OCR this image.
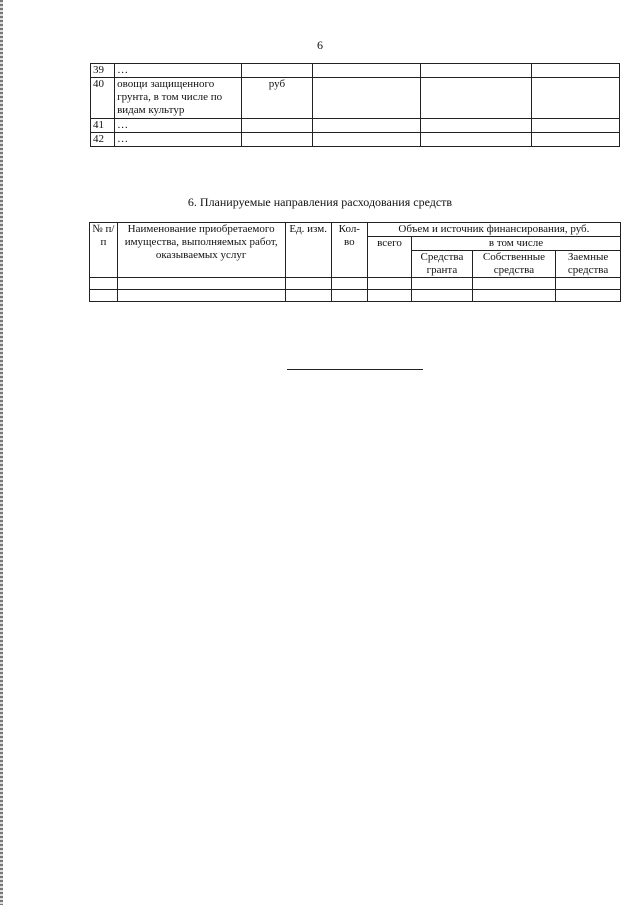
6
39	…				
40	овощи защищенного грунта, в том числе по видам культур	руб			
41	…				
42	…				
6. Планируемые направления расходования средств
№ п/п	Наименование приобретаемого имущества, выполняемых работ, оказываемых услуг	Ед. изм.	Кол-во	Объем и источник финансирования, руб.			
				всего	в том числе		
					Средства гранта	Собственные средства	Заемные средства
